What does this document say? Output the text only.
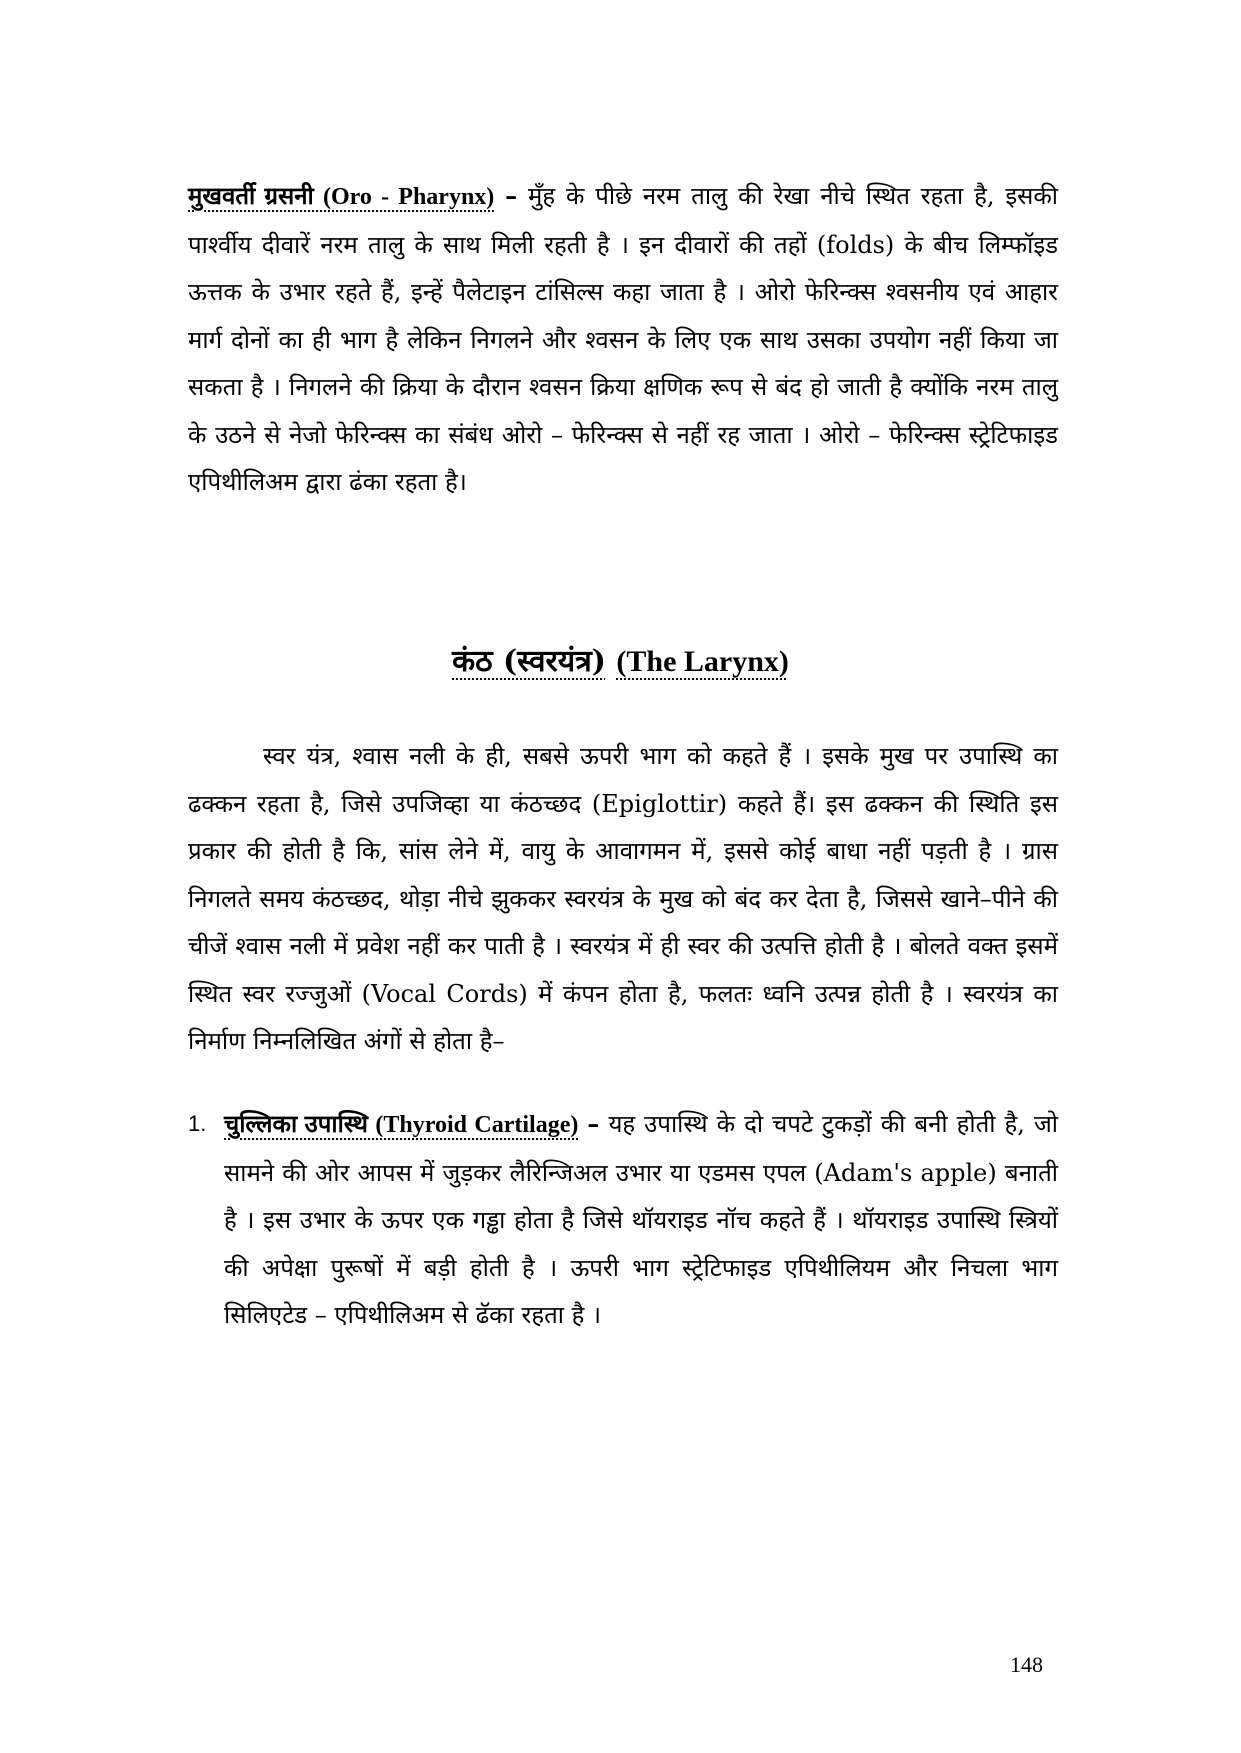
मुखवर्ती ग्रसनी (Oro - Pharynx) – मुँह के पीछे नरम तालु की रेखा नीचे स्थित रहता है, इसकी पार्श्वीय दीवारें नरम तालु के साथ मिली रहती है । इन दीवारों की तहों (folds) के बीच लिम्फॉइड ऊत्तक के उभार रहते हैं, इन्हें पैलेटाइन टांसिल्स कहा जाता है । ओरो फेरिन्क्स श्वसनीय एवं आहार मार्ग दोनों का ही भाग है लेकिन निगलने और श्वसन के लिए एक साथ उसका उपयोग नहीं किया जा सकता है । निगलने की क्रिया के दौरान श्वसन क्रिया क्षणिक रूप से बंद हो जाती है क्योंकि नरम तालु के उठने से नेजो फेरिन्क्स का संबंध ओरो – फेरिन्क्स से नहीं रह जाता । ओरो – फेरिन्क्स स्ट्रेटिफाइड एपिथीलिअम द्वारा ढंका रहता है।

कंठ (स्वरयंत्र) (The Larynx)

स्वर यंत्र, श्वास नली के ही, सबसे ऊपरी भाग को कहते हैं । इसके मुख पर उपास्थि का ढक्कन रहता है, जिसे उपजिव्हा या कंठच्छद (Epiglottir) कहते हैं। इस ढक्कन की स्थिति इस प्रकार की होती है कि, सांस लेने में, वायु के आवागमन में, इससे कोई बाधा नहीं पड़ती है । ग्रास निगलते समय कंठच्छद, थोड़ा नीचे झुककर स्वरयंत्र के मुख को बंद कर देता है, जिससे खाने–पीने की चीजें श्वास नली में प्रवेश नहीं कर पाती है । स्वरयंत्र में ही स्वर की उत्पत्ति होती है । बोलते वक्त इसमें स्थित स्वर रज्जुओं (Vocal Cords) में कंपन होता है, फलतः ध्वनि उत्पन्न होती है । स्वरयंत्र का निर्माण निम्नलिखित अंगों से होता है–

1. चुल्लिका उपास्थि (Thyroid Cartilage) – यह उपास्थि के दो चपटे टुकड़ों की बनी होती है, जो सामने की ओर आपस में जुड़कर लैरिन्जिअल उभार या एडमस एपल (Adam's apple) बनाती है । इस उभार के ऊपर एक गड्ढा होता है जिसे थॉयराइड नॉच कहते हैं । थॉयराइड उपास्थि स्त्रियों की अपेक्षा पुरूषों में बड़ी होती है । ऊपरी भाग स्ट्रेटिफाइड एपिथीलियम और निचला भाग सिलिएटेड – एपिथीलिअम से ढॅका रहता है ।
148
